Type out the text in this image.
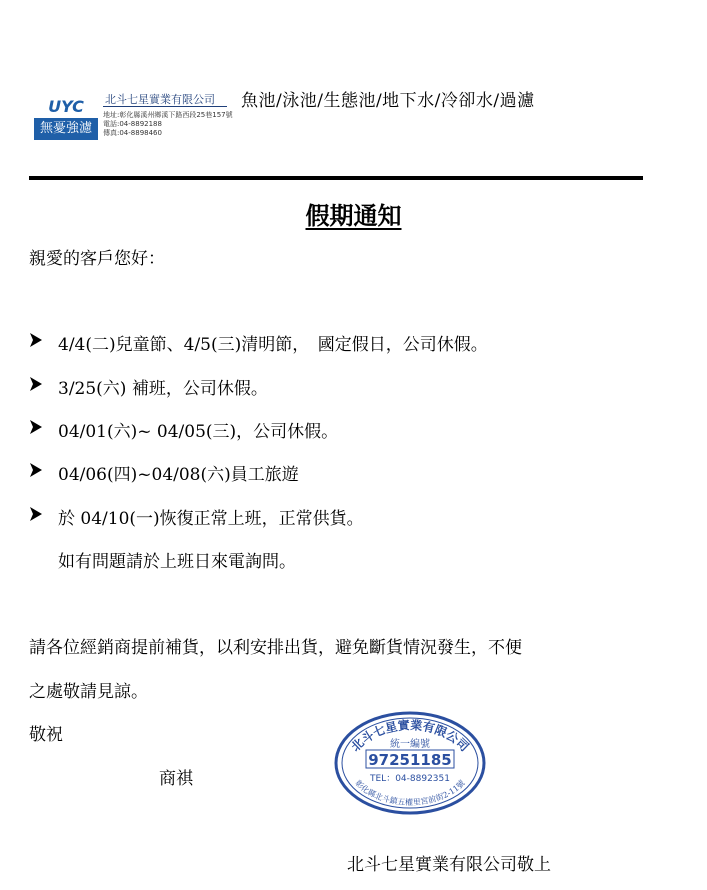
UYC
無憂強濾
北斗七星實業有限公司
地址:彰化縣溪州鄉溪下路西段25巷157號
電話:04-8892188
傳真:04-8898460
魚池/泳池/生態池/地下水/冷卻水/過濾
假期通知
親愛的客戶您好：
4/4(二)兒童節、4/5(三)清明節，　國定假日，公司休假。
3/25(六) 補班，公司休假。
04/01(六)~ 04/05(三)，公司休假。
04/06(四)~04/08(六)員工旅遊
於 04/10(一)恢復正常上班，正常供貨。
如有問題請於上班日來電詢問。
請各位經銷商提前補貨，以利安排出貨，避免斷貨情況發生，不便
之處敬請見諒。
敬祝
商祺
北斗七星實業有限公司
統一編號
97251185
TEL：04-8892351
彰化縣北斗鎮五權里宮前街2-11號
北斗七星實業有限公司敬上
